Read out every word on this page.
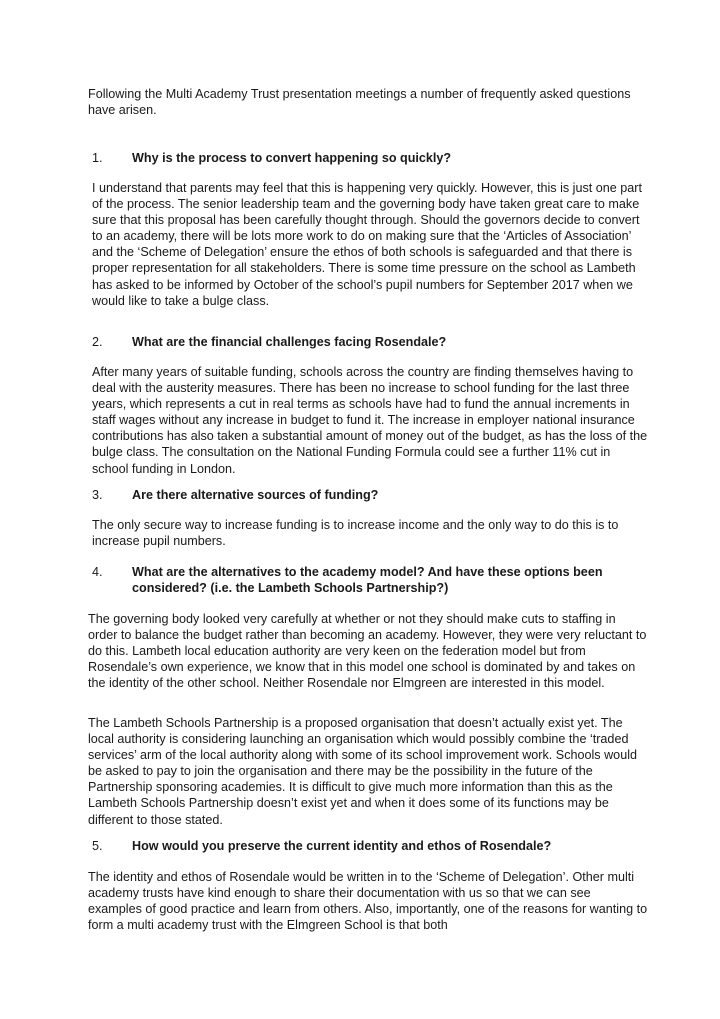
Following the Multi Academy Trust presentation meetings a number of frequently asked questions have arisen.

1. Why is the process to convert happening so quickly?

I understand that parents may feel that this is happening very quickly. However, this is just one part of the process. The senior leadership team and the governing body have taken great care to make sure that this proposal has been carefully thought through. Should the governors decide to convert to an academy, there will be lots more work to do on making sure that the ‘Articles of Association’ and the ‘Scheme of Delegation’ ensure the ethos of both schools is safeguarded and that there is proper representation for all stakeholders. There is some time pressure on the school as Lambeth has asked to be informed by October of the school’s pupil numbers for September 2017 when we would like to take a bulge class.

2. What are the financial challenges facing Rosendale?

After many years of suitable funding, schools across the country are finding themselves having to deal with the austerity measures. There has been no increase to school funding for the last three years, which represents a cut in real terms as schools have had to fund the annual increments in staff wages without any increase in budget to fund it. The increase in employer national insurance contributions has also taken a substantial amount of money out of the budget, as has the loss of the bulge class. The consultation on the National Funding Formula could see a further 11% cut in school funding in London.

3. Are there alternative sources of funding?

The only secure way to increase funding is to increase income and the only way to do this is to increase pupil numbers.

4. What are the alternatives to the academy model? And have these options been considered? (i.e. the Lambeth Schools Partnership?)

The governing body looked very carefully at whether or not they should make cuts to staffing in order to balance the budget rather than becoming an academy. However, they were very reluctant to do this. Lambeth local education authority are very keen on the federation model but from Rosendale’s own experience, we know that in this model one school is dominated by and takes on the identity of the other school. Neither Rosendale nor Elmgreen are interested in this model.

The Lambeth Schools Partnership is a proposed organisation that doesn’t actually exist yet. The local authority is considering launching an organisation which would possibly combine the ‘traded services’ arm of the local authority along with some of its school improvement work. Schools would be asked to pay to join the organisation and there may be the possibility in the future of the Partnership sponsoring academies. It is difficult to give much more information than this as the Lambeth Schools Partnership doesn’t exist yet and when it does some of its functions may be different to those stated.

5. How would you preserve the current identity and ethos of Rosendale?

The identity and ethos of Rosendale would be written in to the ‘Scheme of Delegation’. Other multi academy trusts have kind enough to share their documentation with us so that we can see examples of good practice and learn from others. Also, importantly, one of the reasons for wanting to form a multi academy trust with the Elmgreen School is that both
